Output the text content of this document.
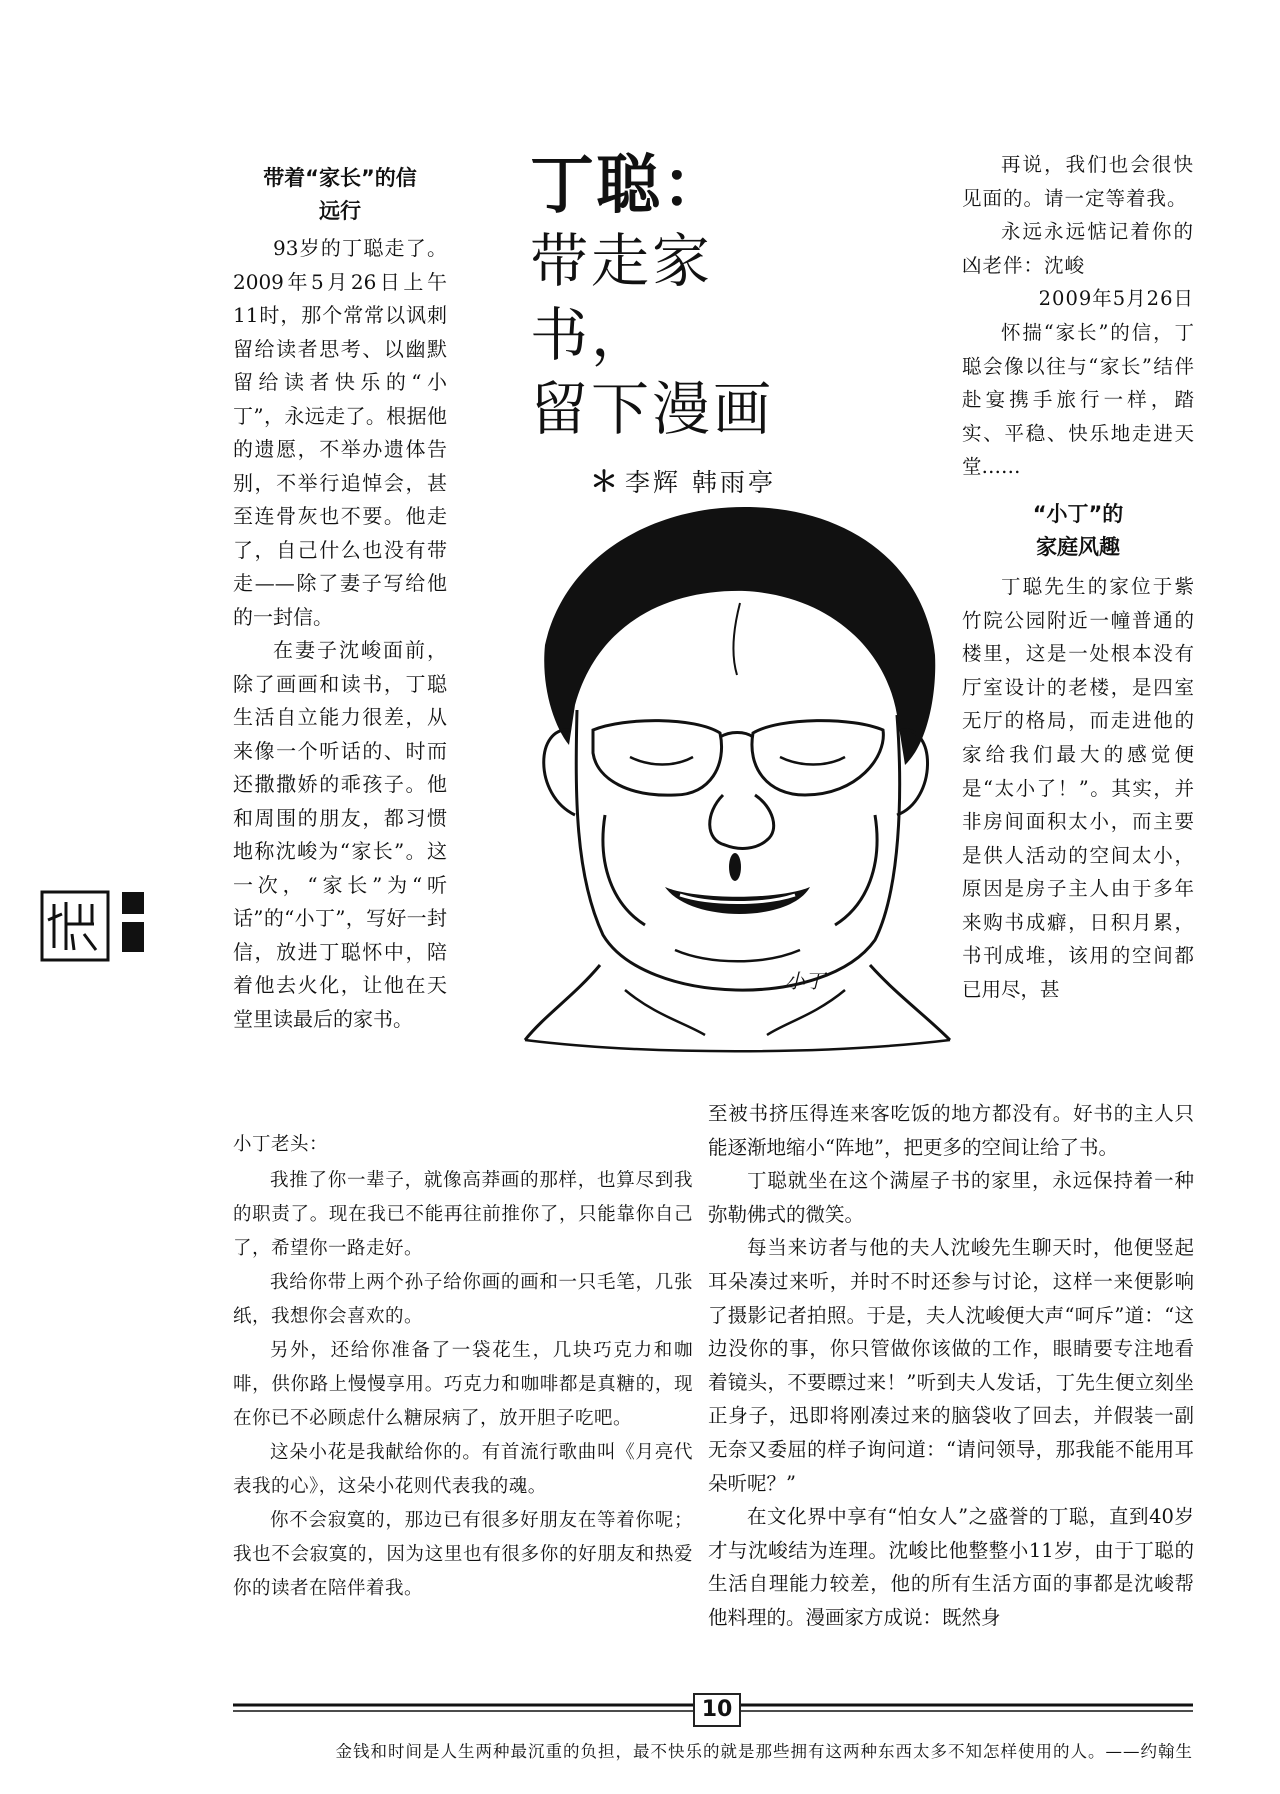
带着“家长”的信
远行

93岁的丁聪走了。2009年5月26日上午11时，那个常常以讽刺留给读者思考、以幽默留给读者快乐的“小丁”，永远走了。根据他的遗愿，不举办遗体告别，不举行追悼会，甚至连骨灰也不要。他走了，自己什么也没有带走——除了妻子写给他的一封信。

在妻子沈峻面前，除了画画和读书，丁聪生活自立能力很差，从来像一个听话的、时而还撒撒娇的乖孩子。他和周围的朋友，都习惯地称沈峻为“家长”。这一次，“家长”为“听话”的“小丁”，写好一封信，放进丁聪怀中，陪着他去火化，让他在天堂里读最后的家书。

丁聪：
带走家书，
留下漫画
＊ 李辉 韩雨亭

再说，我们也会很快见面的。请一定等着我。

永远永远惦记着你的凶老伴：沈峻

2009年5月26日

怀揣“家长”的信，丁聪会像以往与“家长”结伴赴宴携手旅行一样，踏实、平稳、快乐地走进天堂……

“小丁”的
家庭风趣

丁聪先生的家位于紫竹院公园附近一幢普通的楼里，这是一处根本没有厅室设计的老楼，是四室无厅的格局，而走进他的家给我们最大的感觉便是“太小了！”。其实，并非房间面积太小，而主要是供人活动的空间太小，原因是房子主人由于多年来购书成癖，日积月累，书刊成堆，该用的空间都已用尽，甚

小丁

至被书挤压得连来客吃饭的地方都没有。好书的主人只能逐渐地缩小“阵地”，把更多的空间让给了书。

丁聪就坐在这个满屋子书的家里，永远保持着一种弥勒佛式的微笑。

每当来访者与他的夫人沈峻先生聊天时，他便竖起耳朵凑过来听，并时不时还参与讨论，这样一来便影响了摄影记者拍照。于是，夫人沈峻便大声“呵斥”道：“这边没你的事，你只管做你该做的工作，眼睛要专注地看着镜头，不要瞟过来！”听到夫人发话，丁先生便立刻坐正身子，迅即将刚凑过来的脑袋收了回去，并假装一副无奈又委屈的样子询问道：“请问领导，那我能不能用耳朵听呢？”

在文化界中享有“怕女人”之盛誉的丁聪，直到40岁才与沈峻结为连理。沈峻比他整整小11岁，由于丁聪的生活自理能力较差，他的所有生活方面的事都是沈峻帮他料理的。漫画家方成说：既然身

小丁老头：

我推了你一辈子，就像高莽画的那样，也算尽到我的职责了。现在我已不能再往前推你了，只能靠你自己了，希望你一路走好。

我给你带上两个孙子给你画的画和一只毛笔，几张纸，我想你会喜欢的。

另外，还给你准备了一袋花生，几块巧克力和咖啡，供你路上慢慢享用。巧克力和咖啡都是真糖的，现在你已不必顾虑什么糖尿病了，放开胆子吃吧。

这朵小花是我献给你的。有首流行歌曲叫《月亮代表我的心》，这朵小花则代表我的魂。

你不会寂寞的，那边已有很多好朋友在等着你呢；我也不会寂寞的，因为这里也有很多你的好朋友和热爱你的读者在陪伴着我。

10
金钱和时间是人生两种最沉重的负担，最不快乐的就是那些拥有这两种东西太多不知怎样使用的人。——约翰生
